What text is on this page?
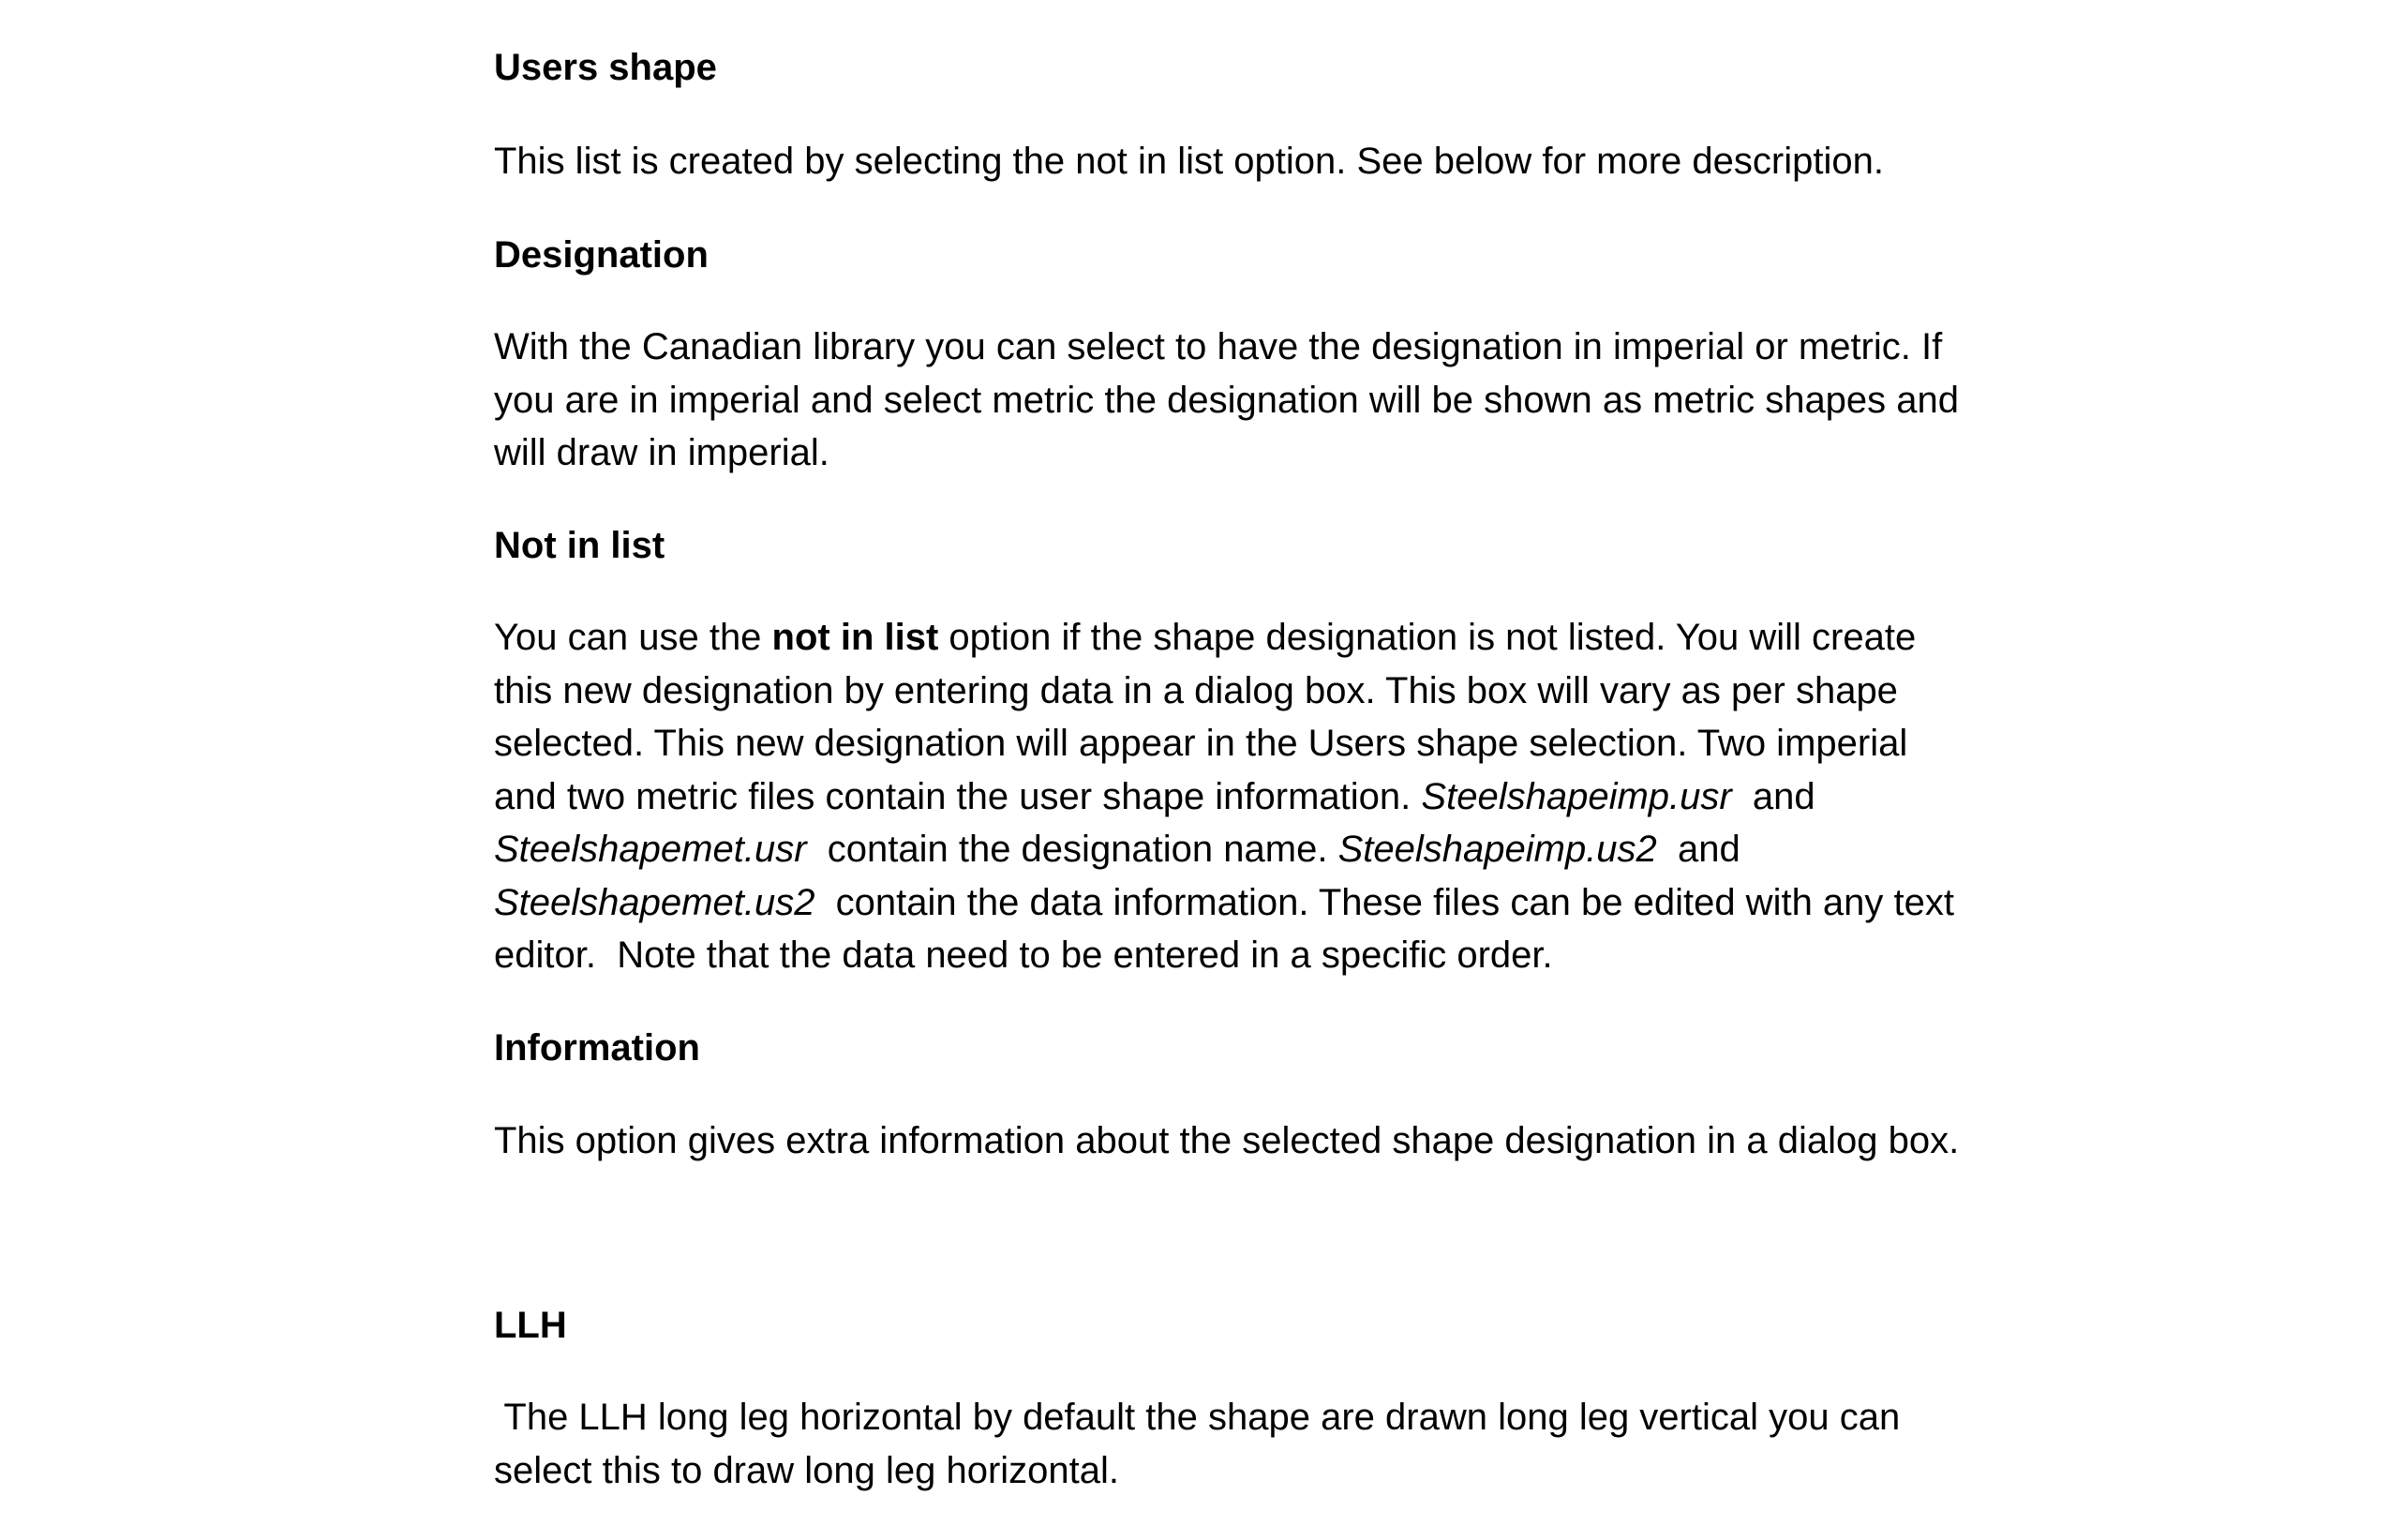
Users shape
This list is created by selecting the not in list option. See below for more description.
Designation
With the Canadian library you can select to have the designation in imperial or metric. If
you are in imperial and select metric the designation will be shown as metric shapes and
will draw in imperial.
Not in list
You can use the not in list option if the shape designation is not listed. You will create
this new designation by entering data in a dialog box. This box will vary as per shape
selected. This new designation will appear in the Users shape selection. Two imperial
and two metric files contain the user shape information. Steelshapeimp.usr  and
Steelshapemet.usr  contain the designation name. Steelshapeimp.us2  and
Steelshapemet.us2  contain the data information. These files can be edited with any text
editor.  Note that the data need to be entered in a specific order.
Information
This option gives extra information about the selected shape designation in a dialog box.
LLH
The LLH long leg horizontal by default the shape are drawn long leg vertical you can
select this to draw long leg horizontal.
